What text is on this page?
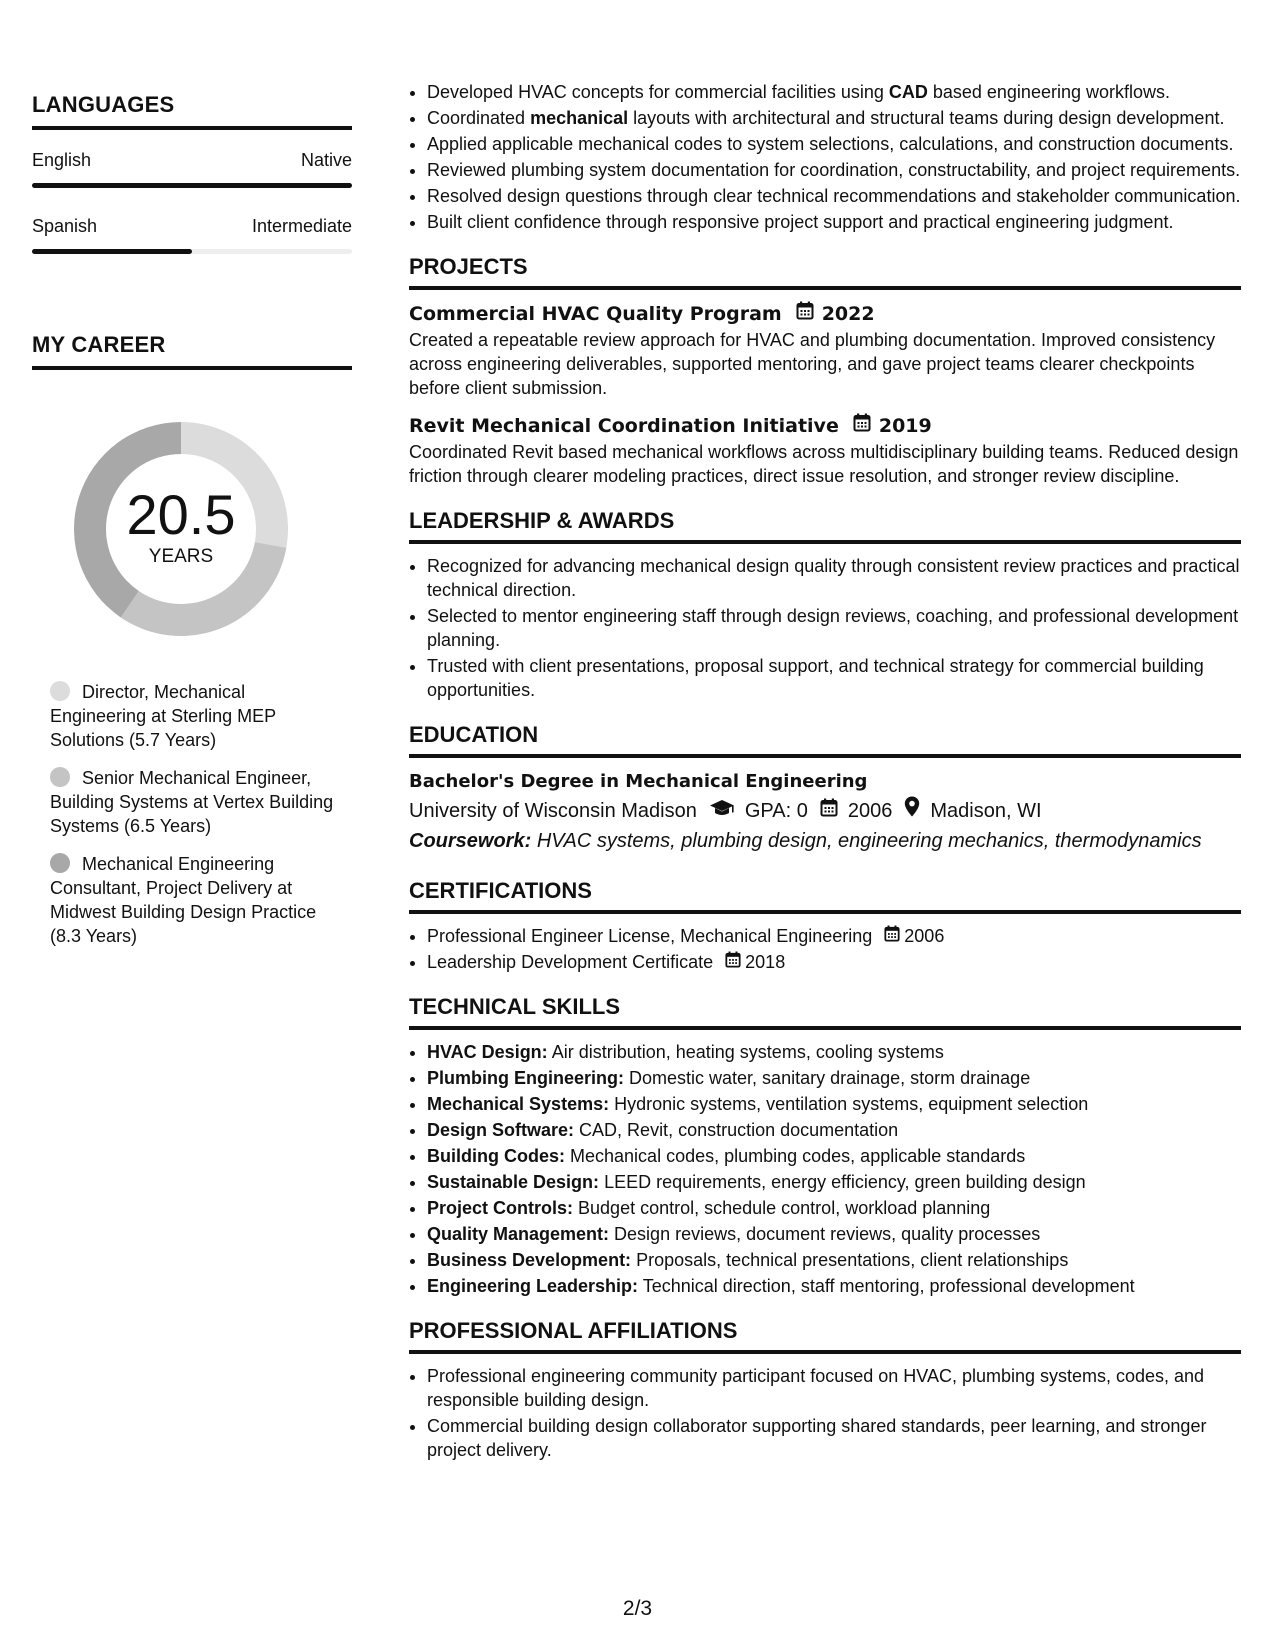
LANGUAGES
English	Native
Spanish	Intermediate
MY CAREER
20.5
YEARS
Director, Mechanical Engineering at Sterling MEP Solutions (5.7 Years)
Senior Mechanical Engineer, Building Systems at Vertex Building Systems (6.5 Years)
Mechanical Engineering Consultant, Project Delivery at Midwest Building Design Practice (8.3 Years)
• Developed HVAC concepts for commercial facilities using CAD based engineering workflows.
• Coordinated mechanical layouts with architectural and structural teams during design development.
• Applied applicable mechanical codes to system selections, calculations, and construction documents.
• Reviewed plumbing system documentation for coordination, constructability, and project requirements.
• Resolved design questions through clear technical recommendations and stakeholder communication.
• Built client confidence through responsive project support and practical engineering judgment.
PROJECTS
Commercial HVAC Quality Program 2022
Created a repeatable review approach for HVAC and plumbing documentation. Improved consistency across engineering deliverables, supported mentoring, and gave project teams clearer checkpoints before client submission.
Revit Mechanical Coordination Initiative 2019
Coordinated Revit based mechanical workflows across multidisciplinary building teams. Reduced design friction through clearer modeling practices, direct issue resolution, and stronger review discipline.
LEADERSHIP & AWARDS
• Recognized for advancing mechanical design quality through consistent review practices and practical technical direction.
• Selected to mentor engineering staff through design reviews, coaching, and professional development planning.
• Trusted with client presentations, proposal support, and technical strategy for commercial building opportunities.
EDUCATION
Bachelor's Degree in Mechanical Engineering
University of Wisconsin Madison GPA: 0 2006 Madison, WI
Coursework: HVAC systems, plumbing design, engineering mechanics, thermodynamics
CERTIFICATIONS
• Professional Engineer License, Mechanical Engineering 2006
• Leadership Development Certificate 2018
TECHNICAL SKILLS
• HVAC Design: Air distribution, heating systems, cooling systems
• Plumbing Engineering: Domestic water, sanitary drainage, storm drainage
• Mechanical Systems: Hydronic systems, ventilation systems, equipment selection
• Design Software: CAD, Revit, construction documentation
• Building Codes: Mechanical codes, plumbing codes, applicable standards
• Sustainable Design: LEED requirements, energy efficiency, green building design
• Project Controls: Budget control, schedule control, workload planning
• Quality Management: Design reviews, document reviews, quality processes
• Business Development: Proposals, technical presentations, client relationships
• Engineering Leadership: Technical direction, staff mentoring, professional development
PROFESSIONAL AFFILIATIONS
• Professional engineering community participant focused on HVAC, plumbing systems, codes, and responsible building design.
• Commercial building design collaborator supporting shared standards, peer learning, and stronger project delivery.
2/3
